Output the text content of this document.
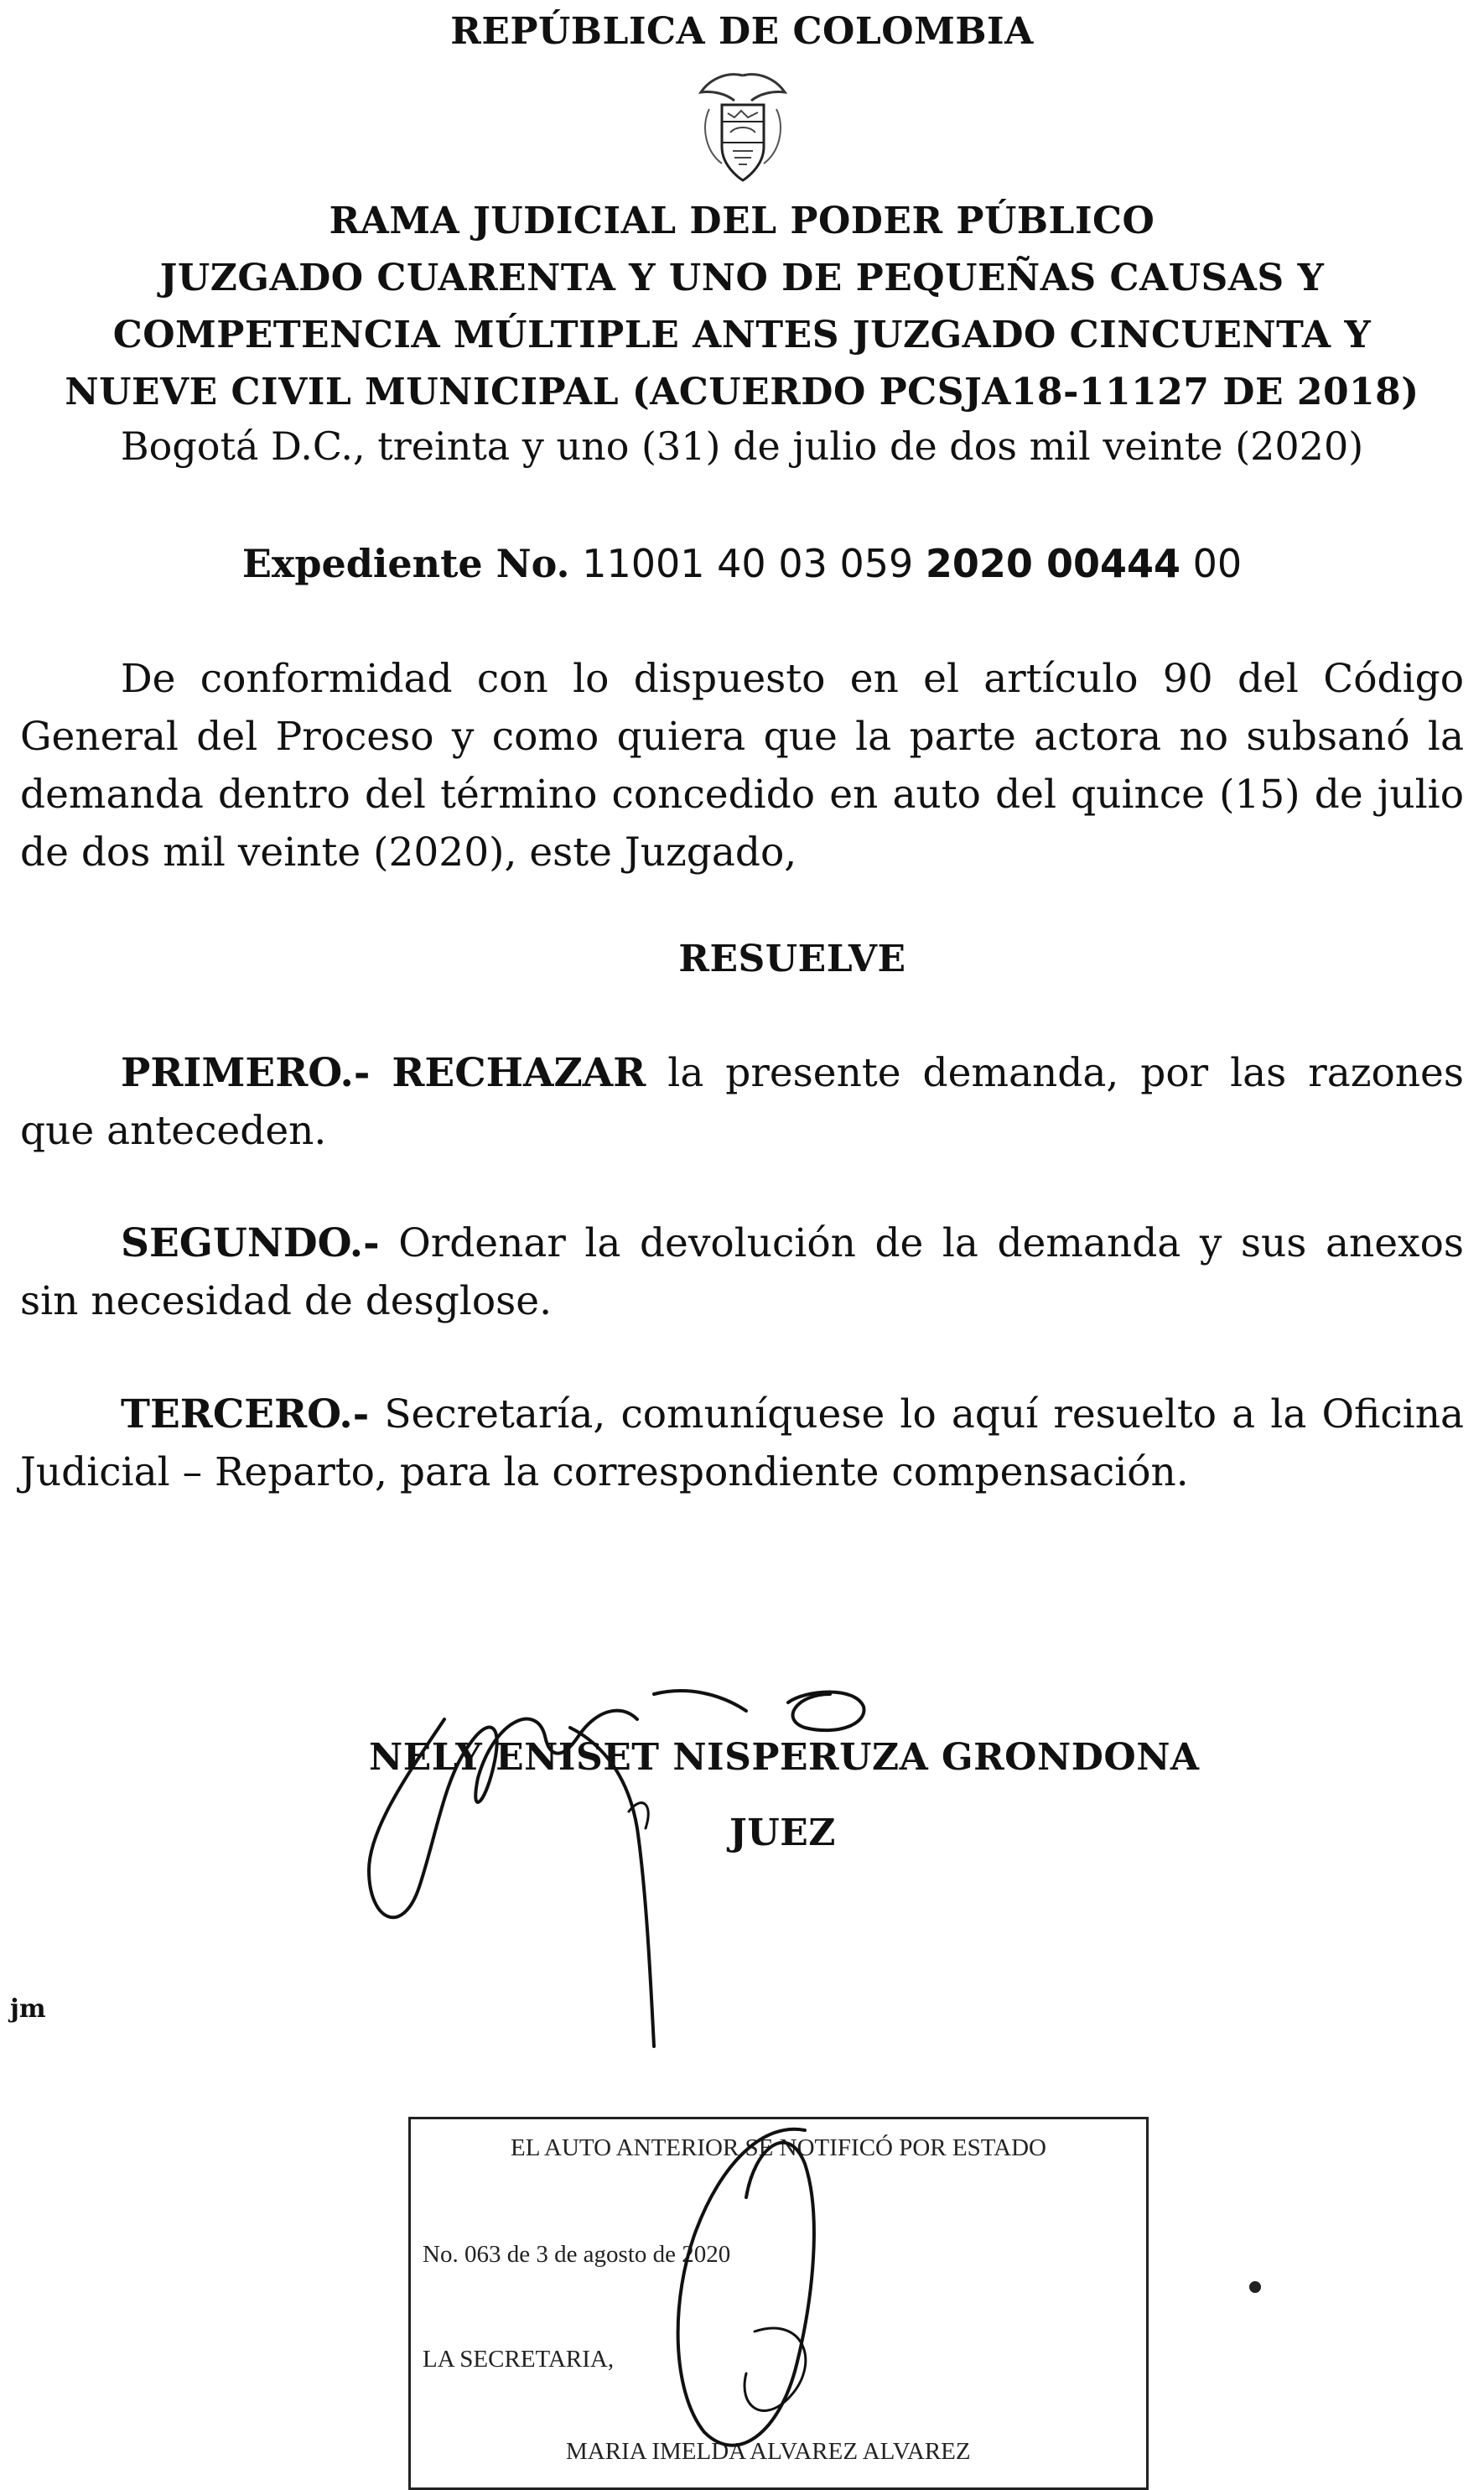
REPÚBLICA DE COLOMBIA
RAMA JUDICIAL DEL PODER PÚBLICO
JUZGADO CUARENTA Y UNO DE PEQUEÑAS CAUSAS Y
COMPETENCIA MÚLTIPLE ANTES JUZGADO CINCUENTA Y
NUEVE CIVIL MUNICIPAL (ACUERDO PCSJA18-11127 DE 2018)
Bogotá D.C., treinta y uno (31) de julio de dos mil veinte (2020)
Expediente No. 11001 40 03 059 2020 00444 00
De conformidad con lo dispuesto en el artículo 90 del Código General del Proceso y como quiera que la parte actora no subsanó la demanda dentro del término concedido en auto del quince (15) de julio de dos mil veinte (2020), este Juzgado,
RESUELVE
PRIMERO.- RECHAZAR la presente demanda, por las razones que anteceden.
SEGUNDO.- Ordenar la devolución de la demanda y sus anexos sin necesidad de desglose.
TERCERO.- Secretaría, comuníquese lo aquí resuelto a la Oficina Judicial – Reparto, para la correspondiente compensación.
NELY ENISET NISPERUZA GRONDONA
JUEZ
jm
EL AUTO ANTERIOR SE NOTIFICÓ POR ESTADO
No. 063 de 3 de agosto de 2020
LA SECRETARIA,
MARIA IMELDA ALVAREZ ALVAREZ
